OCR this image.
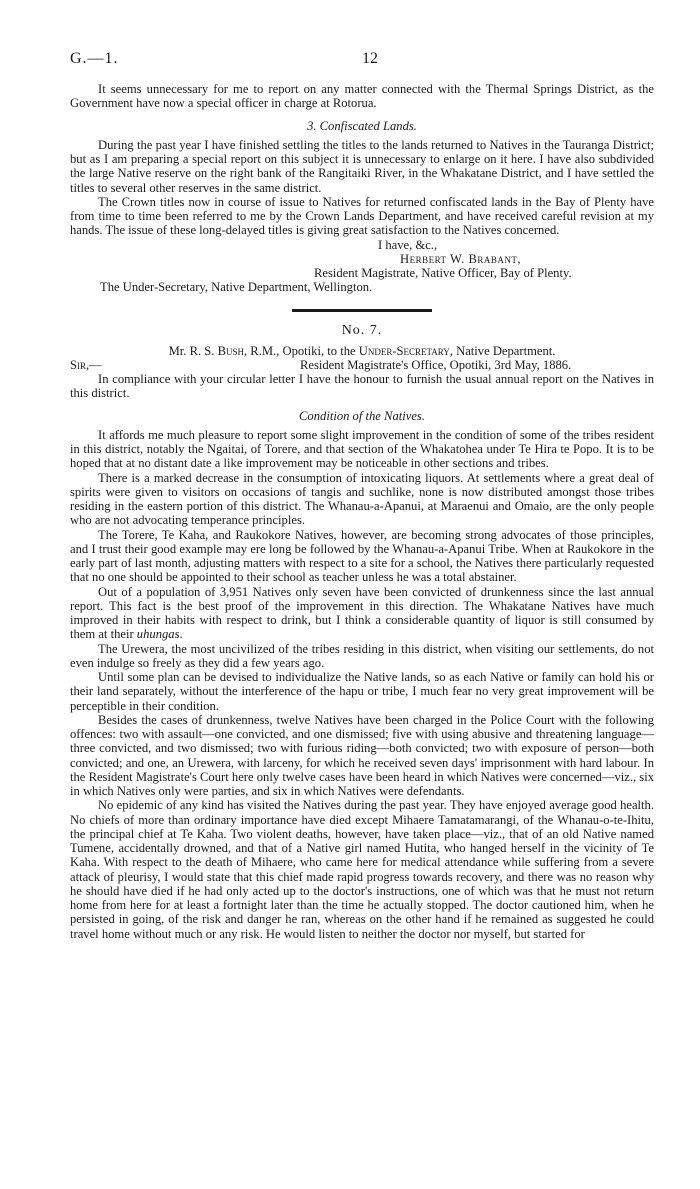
G.—1.	12

It seems unnecessary for me to report on any matter connected with the Thermal Springs District, as the Government have now a special officer in charge at Rotorua.

3. Confiscated Lands.

During the past year I have finished settling the titles to the lands returned to Natives in the Tauranga District; but as I am preparing a special report on this subject it is unnecessary to enlarge on it here. I have also subdivided the large Native reserve on the right bank of the Rangitaiki River, in the Whakatane District, and I have settled the titles to several other reserves in the same district.

The Crown titles now in course of issue to Natives for returned confiscated lands in the Bay of Plenty have from time to time been referred to me by the Crown Lands Department, and have received careful revision at my hands. The issue of these long-delayed titles is giving great satisfaction to the Natives concerned.

I have, &c.,

Herbert W. Brabant,

Resident Magistrate, Native Officer, Bay of Plenty.

The Under-Secretary, Native Department, Wellington.

No. 7.

Mr. R. S. Bush, R.M., Opotiki, to the Under-Secretary, Native Department.

Sir,—	Resident Magistrate's Office, Opotiki, 3rd May, 1886.

In compliance with your circular letter I have the honour to furnish the usual annual report on the Natives in this district.

Condition of the Natives.

It affords me much pleasure to report some slight improvement in the condition of some of the tribes resident in this district, notably the Ngaitai, of Torere, and that section of the Whakatohea under Te Hira te Popo. It is to be hoped that at no distant date a like improvement may be noticeable in other sections and tribes.

There is a marked decrease in the consumption of intoxicating liquors. At settlements where a great deal of spirits were given to visitors on occasions of tangis and suchlike, none is now distributed amongst those tribes residing in the eastern portion of this district. The Whanau-a-Apanui, at Maraenui and Omaio, are the only people who are not advocating temperance principles.

The Torere, Te Kaha, and Raukokore Natives, however, are becoming strong advocates of those principles, and I trust their good example may ere long be followed by the Whanau-a-Apanui Tribe. When at Raukokore in the early part of last month, adjusting matters with respect to a site for a school, the Natives there particularly requested that no one should be appointed to their school as teacher unless he was a total abstainer.

Out of a population of 3,951 Natives only seven have been convicted of drunkenness since the last annual report. This fact is the best proof of the improvement in this direction. The Whakatane Natives have much improved in their habits with respect to drink, but I think a considerable quantity of liquor is still consumed by them at their uhungas.

The Urewera, the most uncivilized of the tribes residing in this district, when visiting our settlements, do not even indulge so freely as they did a few years ago.

Until some plan can be devised to individualize the Native lands, so as each Native or family can hold his or their land separately, without the interference of the hapu or tribe, I much fear no very great improvement will be perceptible in their condition.

Besides the cases of drunkenness, twelve Natives have been charged in the Police Court with the following offences: two with assault—one convicted, and one dismissed; five with using abusive and threatening language—three convicted, and two dismissed; two with furious riding—both convicted; two with exposure of person—both convicted; and one, an Urewera, with larceny, for which he received seven days' imprisonment with hard labour. In the Resident Magistrate's Court here only twelve cases have been heard in which Natives were concerned—viz., six in which Natives only were parties, and six in which Natives were defendants.

No epidemic of any kind has visited the Natives during the past year. They have enjoyed average good health. No chiefs of more than ordinary importance have died except Mihaere Tamatamarangi, of the Whanau-o-te-Ihitu, the principal chief at Te Kaha. Two violent deaths, however, have taken place—viz., that of an old Native named Tumene, accidentally drowned, and that of a Native girl named Hutita, who hanged herself in the vicinity of Te Kaha. With respect to the death of Mihaere, who came here for medical attendance while suffering from a severe attack of pleurisy, I would state that this chief made rapid progress towards recovery, and there was no reason why he should have died if he had only acted up to the doctor's instructions, one of which was that he must not return home from here for at least a fortnight later than the time he actually stopped. The doctor cautioned him, when he persisted in going, of the risk and danger he ran, whereas on the other hand if he remained as suggested he could travel home without much or any risk. He would listen to neither the doctor nor myself, but started for
